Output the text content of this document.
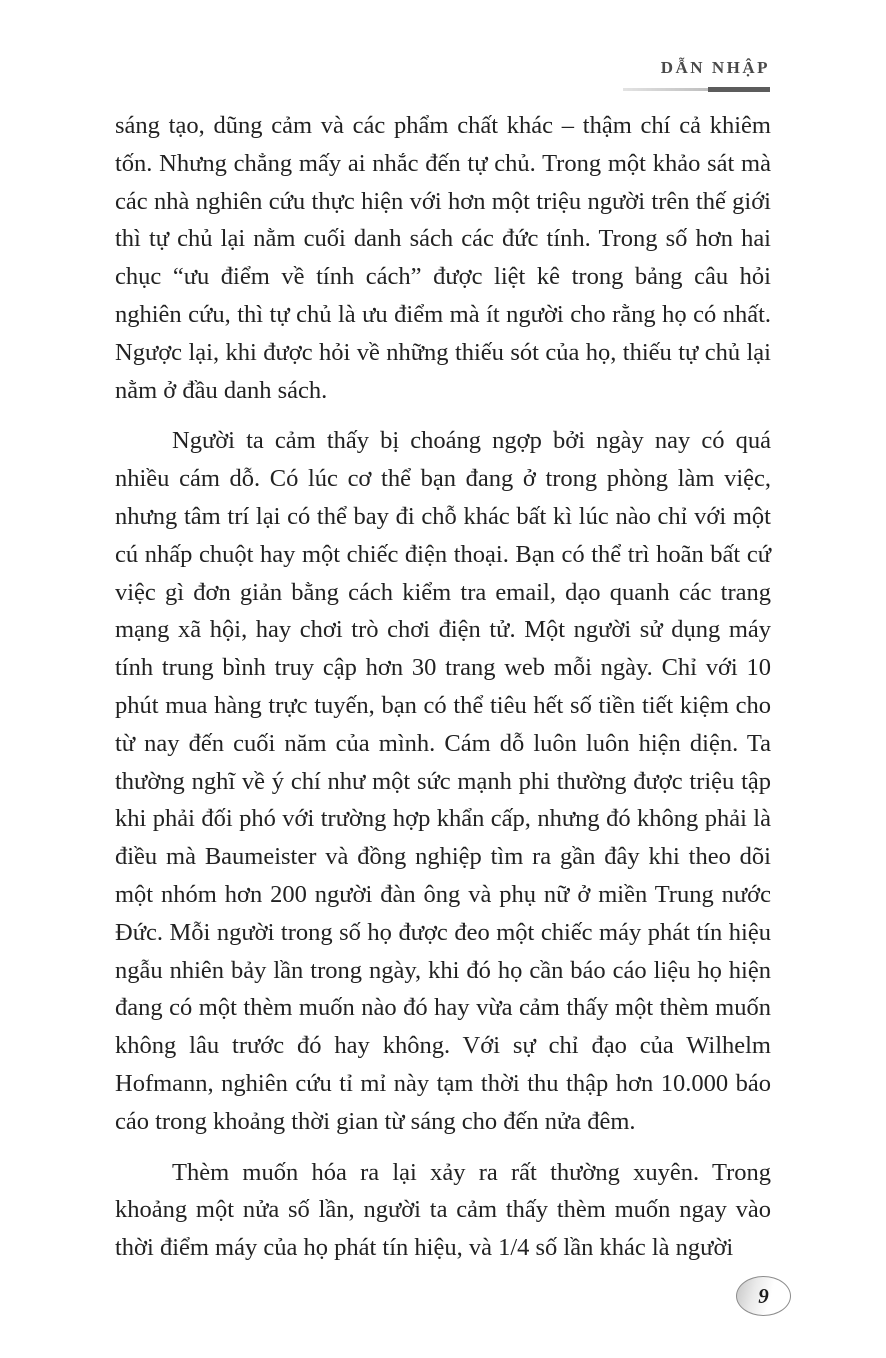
DẪN NHẬP

sáng tạo, dũng cảm và các phẩm chất khác – thậm chí cả khiêm tốn. Nhưng chẳng mấy ai nhắc đến tự chủ. Trong một khảo sát mà các nhà nghiên cứu thực hiện với hơn một triệu người trên thế giới thì tự chủ lại nằm cuối danh sách các đức tính. Trong số hơn hai chục “ưu điểm về tính cách” được liệt kê trong bảng câu hỏi nghiên cứu, thì tự chủ là ưu điểm mà ít người cho rằng họ có nhất. Ngược lại, khi được hỏi về những thiếu sót của họ, thiếu tự chủ lại nằm ở đầu danh sách.

Người ta cảm thấy bị choáng ngợp bởi ngày nay có quá nhiều cám dỗ. Có lúc cơ thể bạn đang ở trong phòng làm việc, nhưng tâm trí lại có thể bay đi chỗ khác bất kì lúc nào chỉ với một cú nhấp chuột hay một chiếc điện thoại. Bạn có thể trì hoãn bất cứ việc gì đơn giản bằng cách kiểm tra email, dạo quanh các trang mạng xã hội, hay chơi trò chơi điện tử. Một người sử dụng máy tính trung bình truy cập hơn 30 trang web mỗi ngày. Chỉ với 10 phút mua hàng trực tuyến, bạn có thể tiêu hết số tiền tiết kiệm cho từ nay đến cuối năm của mình. Cám dỗ luôn luôn hiện diện. Ta thường nghĩ về ý chí như một sức mạnh phi thường được triệu tập khi phải đối phó với trường hợp khẩn cấp, nhưng đó không phải là điều mà Baumeister và đồng nghiệp tìm ra gần đây khi theo dõi một nhóm hơn 200 người đàn ông và phụ nữ ở miền Trung nước Đức. Mỗi người trong số họ được đeo một chiếc máy phát tín hiệu ngẫu nhiên bảy lần trong ngày, khi đó họ cần báo cáo liệu họ hiện đang có một thèm muốn nào đó hay vừa cảm thấy một thèm muốn không lâu trước đó hay không. Với sự chỉ đạo của Wilhelm Hofmann, nghiên cứu tỉ mỉ này tạm thời thu thập hơn 10.000 báo cáo trong khoảng thời gian từ sáng cho đến nửa đêm.

Thèm muốn hóa ra lại xảy ra rất thường xuyên. Trong khoảng một nửa số lần, người ta cảm thấy thèm muốn ngay vào thời điểm máy của họ phát tín hiệu, và 1/4 số lần khác là người

9
